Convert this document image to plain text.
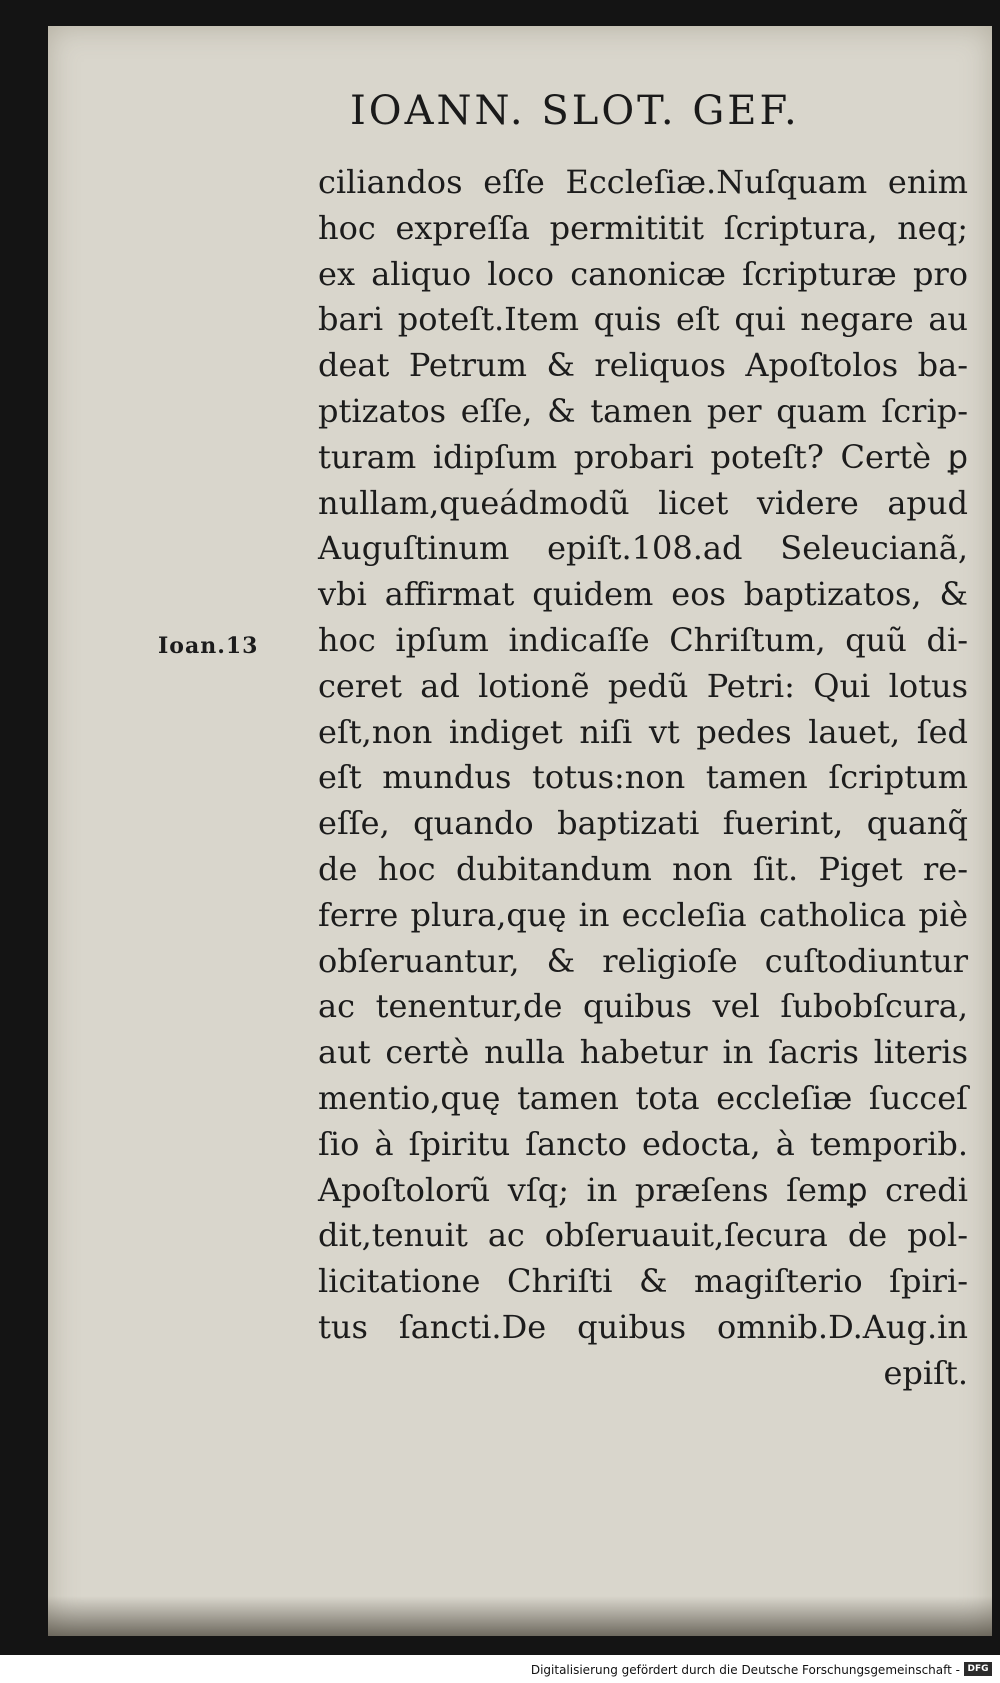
IOANN. SLOT. GEF.
Ioan.13
ciliandos eſſe Eccleſiæ.Nuſquam enim
hoc expreſſa permititit ſcriptura, neq;
ex aliquo loco canonicæ ſcripturæ pro
bari poteſt.Item quis eſt qui negare au
deat Petrum & reliquos Apoſtolos ba-
ptizatos eſſe, & tamen per quam ſcrip-
turam idipſum probari poteſt? Certè ꝑ
nullam,queádmodũ licet videre apud
Auguſtinum epiſt.108.ad Seleucianã,
vbi affirmat quidem eos baptizatos, &
hoc ipſum indicaſſe Chriſtum, quũ di-
ceret ad lotionẽ pedũ Petri: Qui lotus
eſt,non indiget niſi vt pedes lauet, ſed
eſt mundus totus:non tamen ſcriptum
eſſe, quando baptizati fuerint, quanq̃
de hoc dubitandum non ſit. Piget re-
ferre plura,quę in eccleſia catholica piè
obſeruantur, & religioſe cuſtodiuntur
ac tenentur,de quibus vel ſubobſcura,
aut certè nulla habetur in ſacris literis
mentio,quę tamen tota eccleſiæ ſucceſ
ſio à ſpiritu ſancto edocta, à temporib.
Apoſtolorũ vſq; in præſens ſemꝑ credi
dit,tenuit ac obſeruauit,ſecura de pol-
licitatione Chriſti & magiſterio ſpiri-
tus ſancti.De quibus omnib.D.Aug.in
epiſt.
Digitalisierung gefördert durch die Deutsche Forschungsgemeinschaft - DFG
